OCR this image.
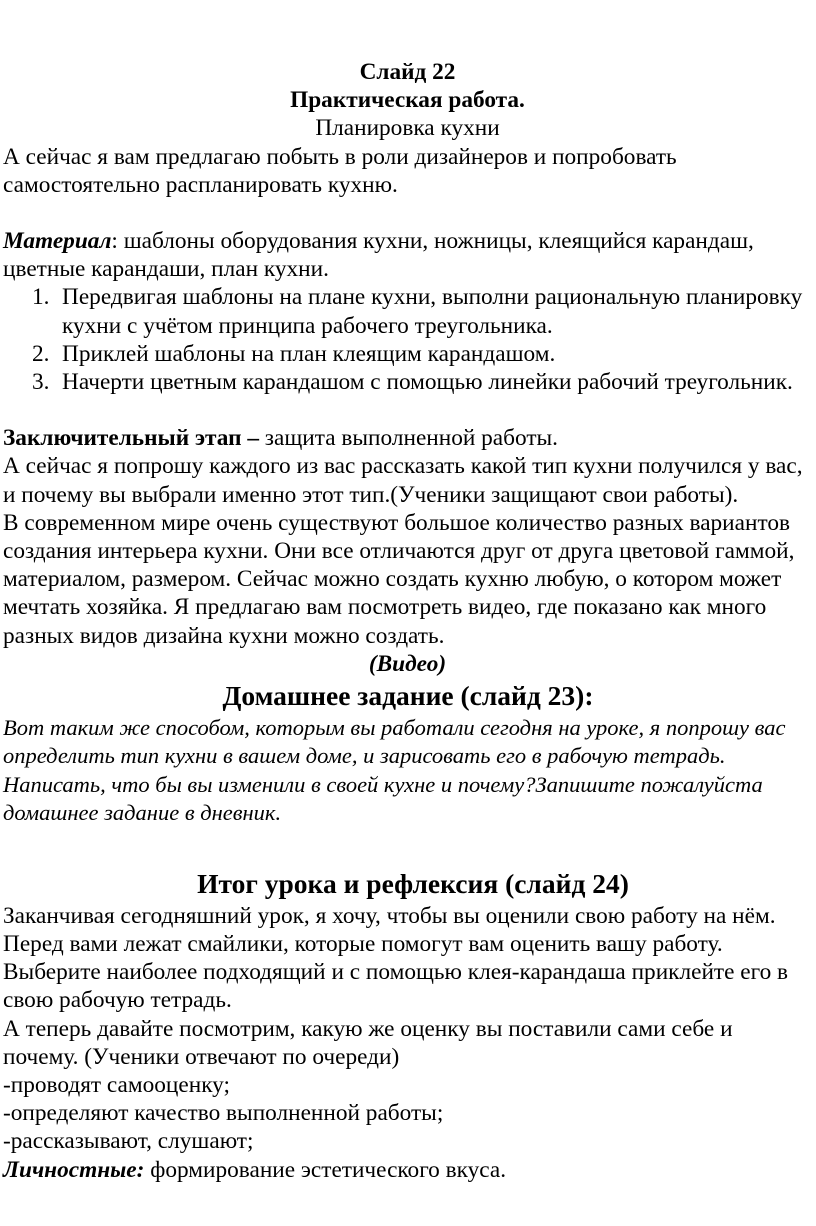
Слайд 22

Практическая работа.

Планировка кухни

А сейчас я вам предлагаю побыть в роли дизайнеров и попробовать самостоятельно распланировать кухню.

Материал: шаблоны оборудования кухни, ножницы, клеящийся карандаш, цветные карандаши, план кухни.

1. Передвигая шаблоны на плане кухни, выполни рациональную планировку кухни с учётом принципа рабочего треугольника.
2. Приклей шаблоны на план клеящим карандашом.
3. Начерти цветным карандашом с помощью линейки рабочий треугольник.

Заключительный этап – защита выполненной работы.

А сейчас я попрошу каждого из вас рассказать какой тип кухни получился у вас, и почему вы выбрали именно этот тип.(Ученики защищают свои работы).

В современном мире очень существуют большое количество разных вариантов создания интерьера кухни. Они все отличаются друг от друга цветовой гаммой, материалом, размером. Сейчас можно создать кухню любую, о котором может мечтать хозяйка. Я предлагаю вам посмотреть видео, где показано как много разных видов дизайна кухни можно создать.

(Видео)

Домашнее задание (слайд 23):

Вот таким же способом, которым вы работали сегодня на уроке, я попрошу вас определить тип кухни в вашем доме, и зарисовать его в рабочую тетрадь. Написать, что бы вы изменили в своей кухне и почему?Запишите пожалуйста домашнее задание в дневник.

Итог урока и рефлексия (слайд 24)

Заканчивая сегодняшний урок, я хочу, чтобы вы оценили свою работу на нём. Перед вами лежат смайлики, которые помогут вам оценить вашу работу. Выберите наиболее подходящий и с помощью клея-карандаша приклейте его в свою рабочую тетрадь.

А теперь давайте посмотрим, какую же оценку вы поставили сами себе и почему. (Ученики отвечают по очереди)

-проводят самооценку;

-определяют качество выполненной работы;

-рассказывают, слушают;

Личностные: формирование эстетического вкуса.
